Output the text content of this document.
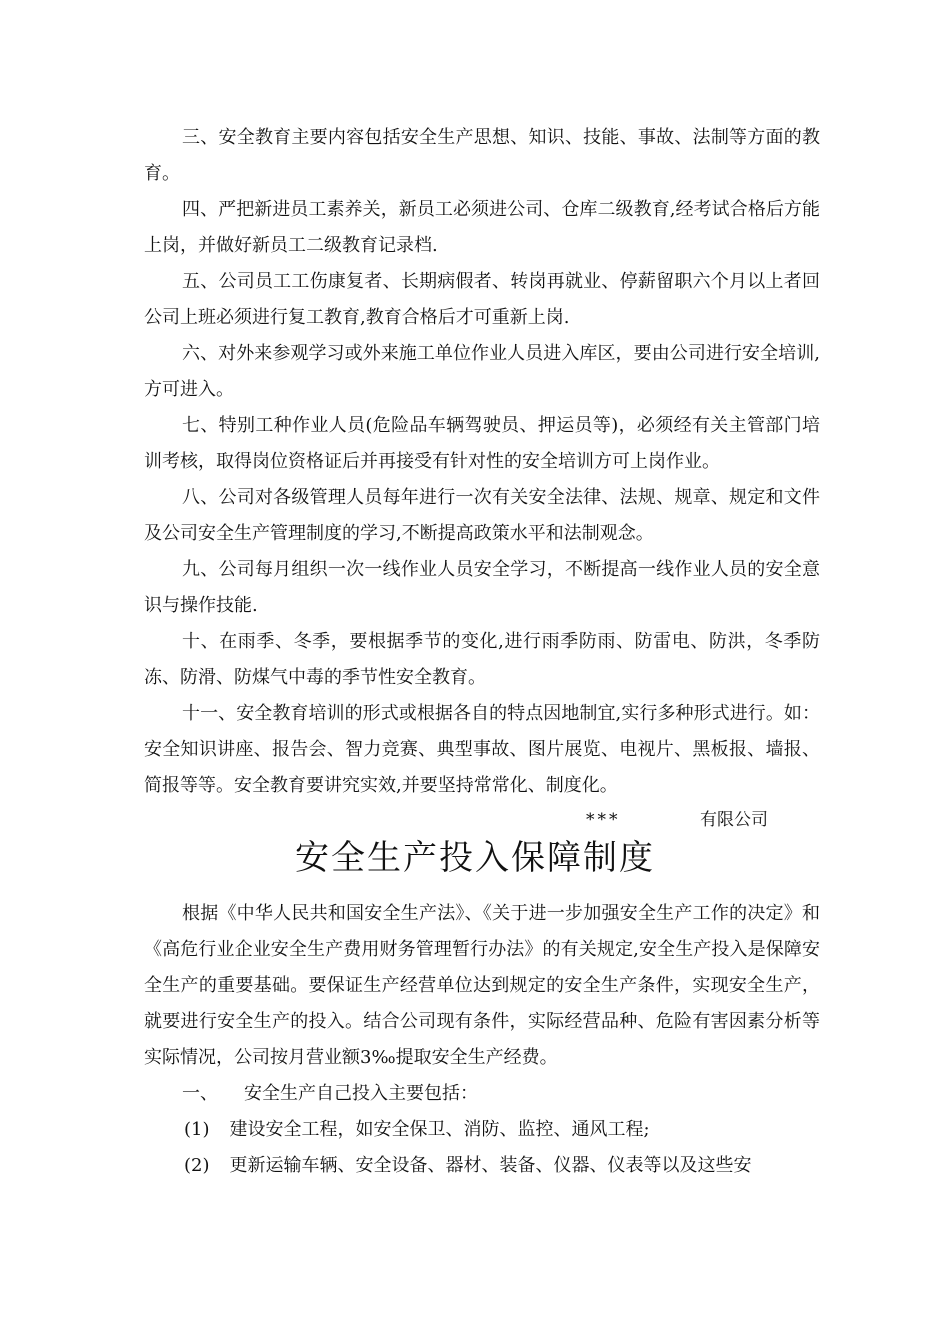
三、安全教育主要内容包括安全生产思想、知识、技能、事故、法制等方面的教育。

四、严把新进员工素养关，新员工必须进公司、仓库二级教育,经考试合格后方能上岗，并做好新员工二级教育记录档.

五、公司员工工伤康复者、长期病假者、转岗再就业、停薪留职六个月以上者回公司上班必须进行复工教育,教育合格后才可重新上岗.

六、对外来参观学习或外来施工单位作业人员进入库区，要由公司进行安全培训,方可进入。

七、特别工种作业人员(危险品车辆驾驶员、押运员等)，必须经有关主管部门培训考核，取得岗位资格证后并再接受有针对性的安全培训方可上岗作业。

八、公司对各级管理人员每年进行一次有关安全法律、法规、规章、规定和文件及公司安全生产管理制度的学习,不断提高政策水平和法制观念。

九、公司每月组织一次一线作业人员安全学习，不断提高一线作业人员的安全意识与操作技能.

十、在雨季、冬季，要根据季节的变化,进行雨季防雨、防雷电、防洪，冬季防冻、防滑、防煤气中毒的季节性安全教育。

十一、安全教育培训的形式或根据各自的特点因地制宜,实行多种形式进行。如：安全知识讲座、报告会、智力竞赛、典型事故、图片展览、电视片、黑板报、墙报、简报等等。安全教育要讲究实效,并要坚持常常化、制度化。

***	有限公司
安全生产投入保障制度

根据《中华人民共和国安全生产法》、《关于进一步加强安全生产工作的决定》和《高危行业企业安全生产费用财务管理暂行办法》的有关规定,安全生产投入是保障安全生产的重要基础。要保证生产经营单位达到规定的安全生产条件，实现安全生产，就要进行安全生产的投入。结合公司现有条件，实际经营品种、危险有害因素分析等实际情况，公司按月营业额3‰提取安全生产经费。

一、 安全生产自己投入主要包括：

(1) 建设安全工程，如安全保卫、消防、监控、通风工程;

(2) 更新运输车辆、安全设备、器材、装备、仪器、仪表等以及这些安
